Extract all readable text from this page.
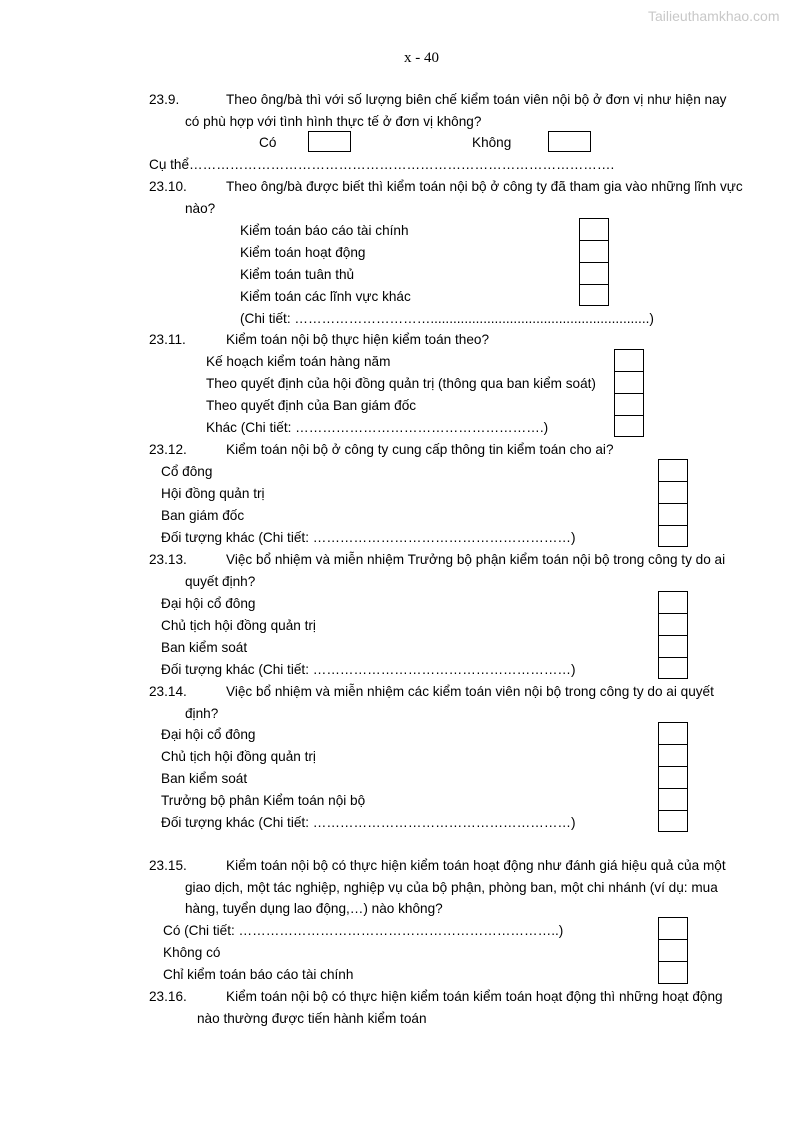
Tailieuthamkhao.com
x - 40
23.9.	Theo ông/bà thì với số lượng biên chế kiểm toán viên nội bộ ở đơn vị như hiện nay
có phù hợp với tình hình thực tế ở đơn vị không?
Có	Không
Cụ thể………………………………………………………………………………….
23.10.	Theo ông/bà được biết thì kiểm toán nội bộ ở công ty đã tham gia vào những lĩnh vực
nào?
Kiểm toán báo cáo tài chính
Kiểm toán hoạt động
Kiểm toán tuân thủ
Kiểm toán các lĩnh vực khác
(Chi tiết: …………………………..........................................................)
23.11.	Kiểm toán nội bộ thực hiện kiểm toán theo?
Kế hoạch kiểm toán hàng năm
Theo quyết định của hội đồng quản trị (thông qua ban kiểm soát)
Theo quyết định của Ban giám đốc
Khác (Chi tiết: ……………………………………………….)
23.12.	Kiểm toán nội bộ ở công ty cung cấp thông tin kiểm toán cho ai?
Cổ đông
Hội đồng quản trị
Ban giám đốc
Đối tượng khác (Chi tiết: …………………………………………………)
23.13.	Việc bổ nhiệm và miễn nhiệm Trưởng bộ phận kiểm toán nội bộ trong công ty do ai
quyết định?
Đại hội cổ đông
Chủ tịch hội đồng quản trị
Ban kiểm soát
Đối tượng khác (Chi tiết: …………………………………………………)
23.14.	Việc bổ nhiệm và miễn nhiệm các kiểm toán viên nội bộ trong công ty do ai quyết
định?
Đại hội cổ đông
Chủ tịch hội đồng quản trị
Ban kiểm soát
Trưởng bộ phân Kiểm toán nội bộ
Đối tượng khác (Chi tiết: …………………………………………………)
23.15.	Kiểm toán nội bộ có thực hiện kiểm toán hoạt động như đánh giá hiệu quả của một
giao dịch, một tác nghiệp, nghiệp vụ của bộ phận, phòng ban, một chi nhánh (ví dụ: mua
hàng, tuyển dụng lao động,…) nào không?
Có (Chi tiết: ……………………………………………………………..)
Không có
Chỉ kiểm toán báo cáo tài chính
23.16.	Kiểm toán nội bộ có thực hiện kiểm toán kiểm toán hoạt động thì những hoạt động
nào thường được tiến hành kiểm toán
